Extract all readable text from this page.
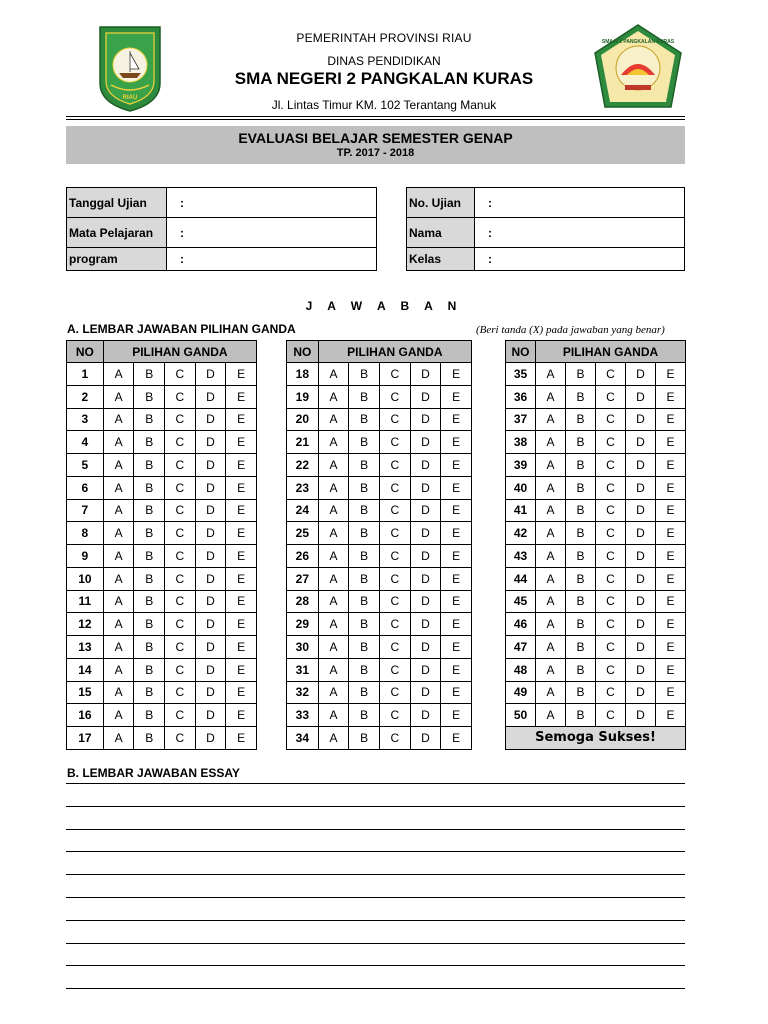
RIAU
SMA N 2 PANGKALAN KURAS
PEMERINTAH PROVINSI RIAU
DINAS PENDIDIKAN
SMA NEGERI 2 PANGKALAN KURAS
Jl. Lintas Timur KM. 102 Terantang Manuk
EVALUASI BELAJAR SEMESTER GENAP
TP. 2017 - 2018
Tanggal Ujian	:
Mata Pelajaran	:
program	:
No. Ujian	:
Nama	:
Kelas	:
J A W A B A N
A. LEMBAR JAWABAN PILIHAN GANDA	(Beri tanda (X) pada jawaban yang benar)
NO	PILIHAN GANDA				
1	A	B	C	D	E
2	A	B	C	D	E
3	A	B	C	D	E
4	A	B	C	D	E
5	A	B	C	D	E
6	A	B	C	D	E
7	A	B	C	D	E
8	A	B	C	D	E
9	A	B	C	D	E
10	A	B	C	D	E
11	A	B	C	D	E
12	A	B	C	D	E
13	A	B	C	D	E
14	A	B	C	D	E
15	A	B	C	D	E
16	A	B	C	D	E
17	A	B	C	D	E
NO	PILIHAN GANDA				
18	A	B	C	D	E
19	A	B	C	D	E
20	A	B	C	D	E
21	A	B	C	D	E
22	A	B	C	D	E
23	A	B	C	D	E
24	A	B	C	D	E
25	A	B	C	D	E
26	A	B	C	D	E
27	A	B	C	D	E
28	A	B	C	D	E
29	A	B	C	D	E
30	A	B	C	D	E
31	A	B	C	D	E
32	A	B	C	D	E
33	A	B	C	D	E
34	A	B	C	D	E
NO	PILIHAN GANDA				
35	A	B	C	D	E
36	A	B	C	D	E
37	A	B	C	D	E
38	A	B	C	D	E
39	A	B	C	D	E
40	A	B	C	D	E
41	A	B	C	D	E
42	A	B	C	D	E
43	A	B	C	D	E
44	A	B	C	D	E
45	A	B	C	D	E
46	A	B	C	D	E
47	A	B	C	D	E
48	A	B	C	D	E
49	A	B	C	D	E
50	A	B	C	D	E
Semoga Sukses!					
B. LEMBAR JAWABAN ESSAY
